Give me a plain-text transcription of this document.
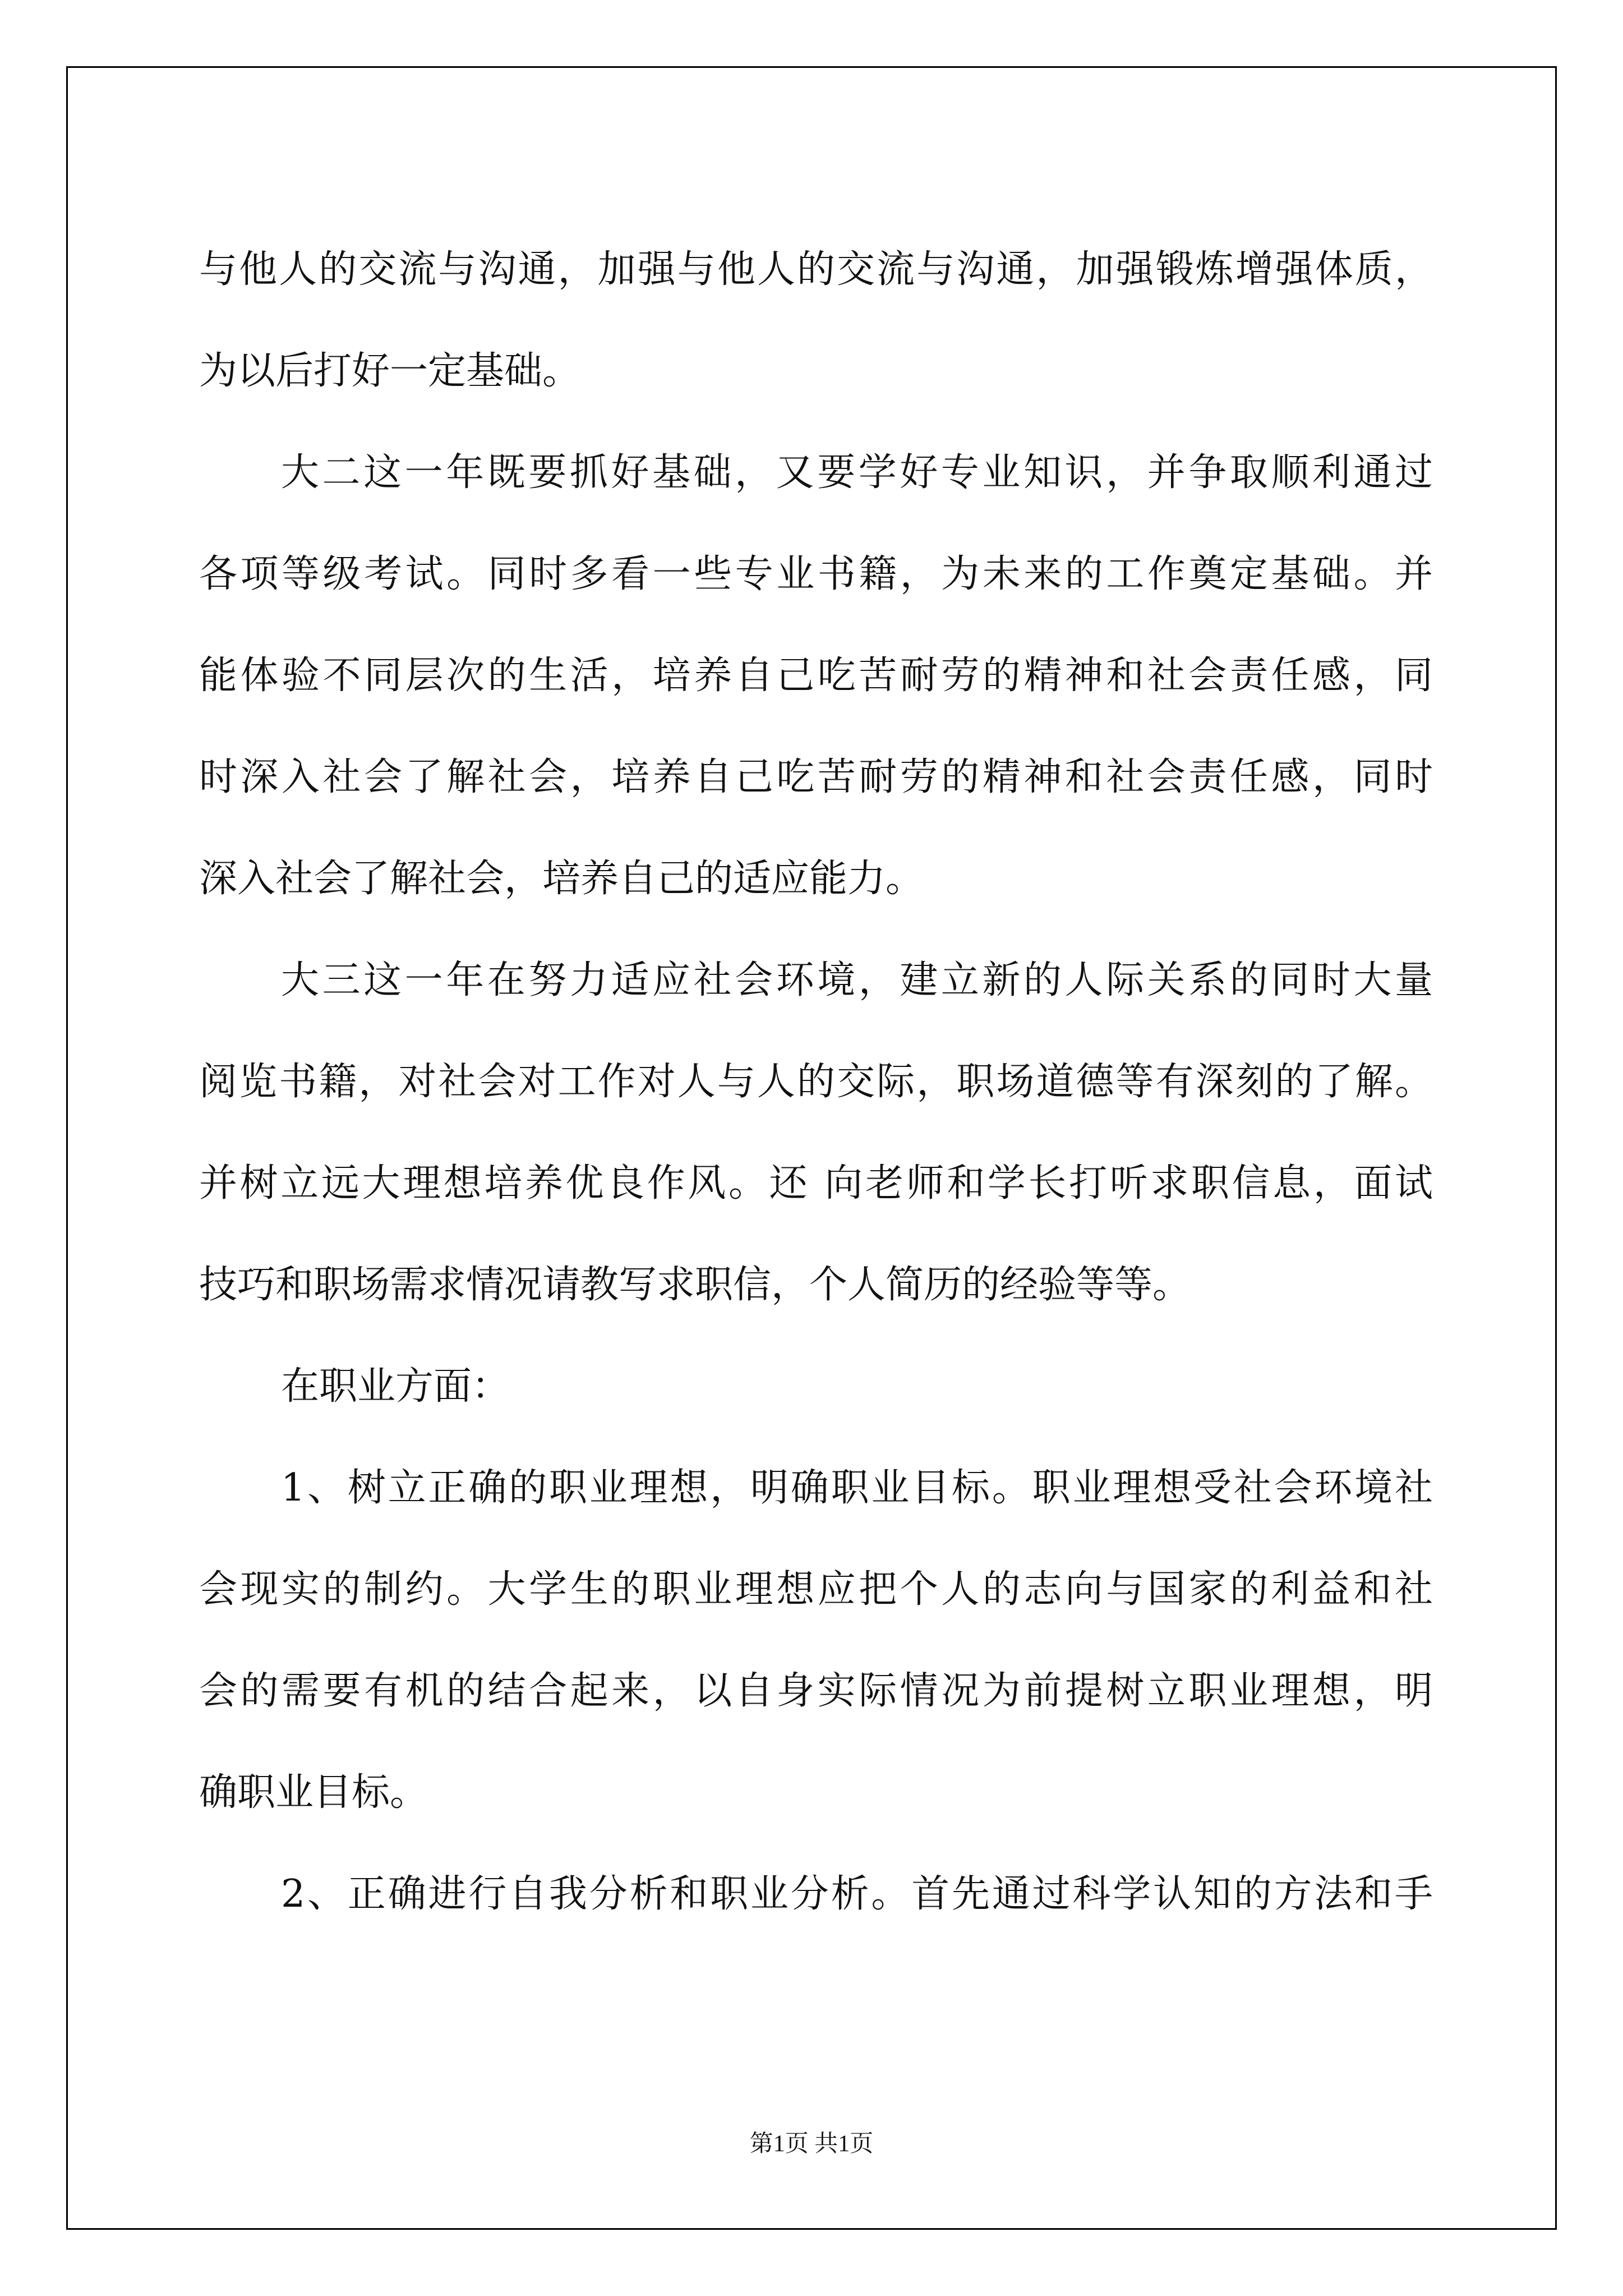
与他人的交流与沟通，加强与他人的交流与沟通，加强锻炼增强体质，

为以后打好一定基础。

大二这一年既要抓好基础，又要学好专业知识，并争取顺利通过

各项等级考试。同时多看一些专业书籍，为未来的工作奠定基础。并

能体验不同层次的生活，培养自己吃苦耐劳的精神和社会责任感，同

时深入社会了解社会，培养自己吃苦耐劳的精神和社会责任感，同时

深入社会了解社会，培养自己的适应能力。

大三这一年在努力适应社会环境，建立新的人际关系的同时大量

阅览书籍，对社会对工作对人与人的交际，职场道德等有深刻的了解。

并树立远大理想培养优良作风。还 向老师和学长打听求职信息，面试

技巧和职场需求情况请教写求职信，个人简历的经验等等。

在职业方面：

1、树立正确的职业理想，明确职业目标。职业理想受社会环境社

会现实的制约。大学生的职业理想应把个人的志向与国家的利益和社

会的需要有机的结合起来，以自身实际情况为前提树立职业理想，明

确职业目标。

2、正确进行自我分析和职业分析。首先通过科学认知的方法和手

第1页 共1页
